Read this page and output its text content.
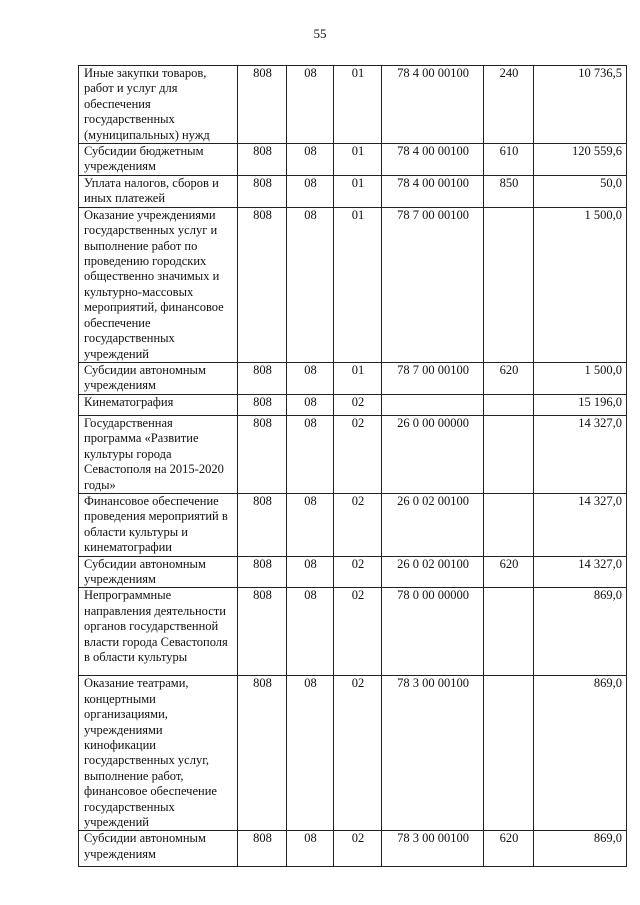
55
Иные закупки товаров, работ и услуг для обеспечения государственных (муниципальных) нужд	808	08	01	78 4 00 00100	240	10 736,5
Субсидии бюджетным учреждениям	808	08	01	78 4 00 00100	610	120 559,6
Уплата налогов, сборов и иных платежей	808	08	01	78 4 00 00100	850	50,0
Оказание учреждениями государственных услуг и выполнение работ по проведению городских общественно значимых и культурно-массовых мероприятий, финансовое обеспечение государственных учреждений	808	08	01	78 7 00 00100		1 500,0
Субсидии автономным учреждениям	808	08	01	78 7 00 00100	620	1 500,0
Кинематография	808	08	02			15 196,0
Государственная программа «Развитие культуры города Севастополя на 2015-2020 годы»	808	08	02	26 0 00 00000		14 327,0
Финансовое обеспечение проведения мероприятий в области культуры и кинематографии	808	08	02	26 0 02 00100		14 327,0
Субсидии автономным учреждениям	808	08	02	26 0 02 00100	620	14 327,0
Непрограммные направления деятельности органов государственной власти города Севастополя в области культуры	808	08	02	78 0 00 00000		869,0
Оказание театрами, концертными организациями, учреждениями кинофикации государственных услуг, выполнение работ, финансовое обеспечение государственных учреждений	808	08	02	78 3 00 00100		869,0
Субсидии автономным учреждениям	808	08	02	78 3 00 00100	620	869,0
